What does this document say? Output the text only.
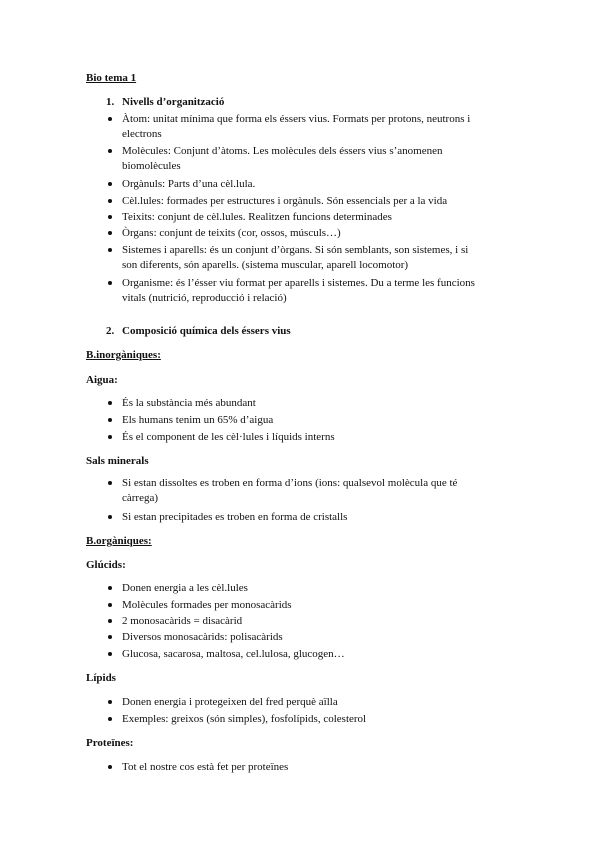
Bio tema 1
1. Nivells d’organització
Àtom: unitat mínima que forma els éssers vius. Formats per protons, neutrons i
electrons
Molècules: Conjunt d’àtoms. Les molècules dels éssers vius s’anomenen
biomolècules
Orgànuls: Parts d’una cèl.lula.
Cèl.lules: formades per estructures i orgànuls. Són essencials per a la vida
Teixits: conjunt de cèl.lules. Realitzen funcions determinades
Òrgans: conjunt de teixits (cor, ossos, músculs…)
Sistemes i aparells: és un conjunt d’òrgans. Si són semblants, son sistemes, i si
son diferents, són aparells. (sistema muscular, aparell locomotor)
Organisme: és l’ésser viu format per aparells i sistemes. Du a terme les funcions
vitals (nutrició, reproducció i relació)
2. Composició química dels éssers vius
B.inorgàniques:
Aigua:
És la substància més abundant
Els humans tenim un 65% d’aigua
És el component de les cèl·lules i líquids interns
Sals minerals
Si estan dissoltes es troben en forma d’ions (ions: qualsevol molècula que té
càrrega)
Si estan precipitades es troben en forma de cristalls
B.orgàniques:
Glúcids:
Donen energia a les cèl.lules
Molècules formades per monosacàrids
2 monosacàrids = disacàrid
Diversos monosacàrids: polisacàrids
Glucosa, sacarosa, maltosa, cel.lulosa, glucogen…
Lípids
Donen energia i protegeixen del fred perquè aïlla
Exemples: greixos (són simples), fosfolípids, colesterol
Proteïnes:
Tot el nostre cos està fet per proteïnes
